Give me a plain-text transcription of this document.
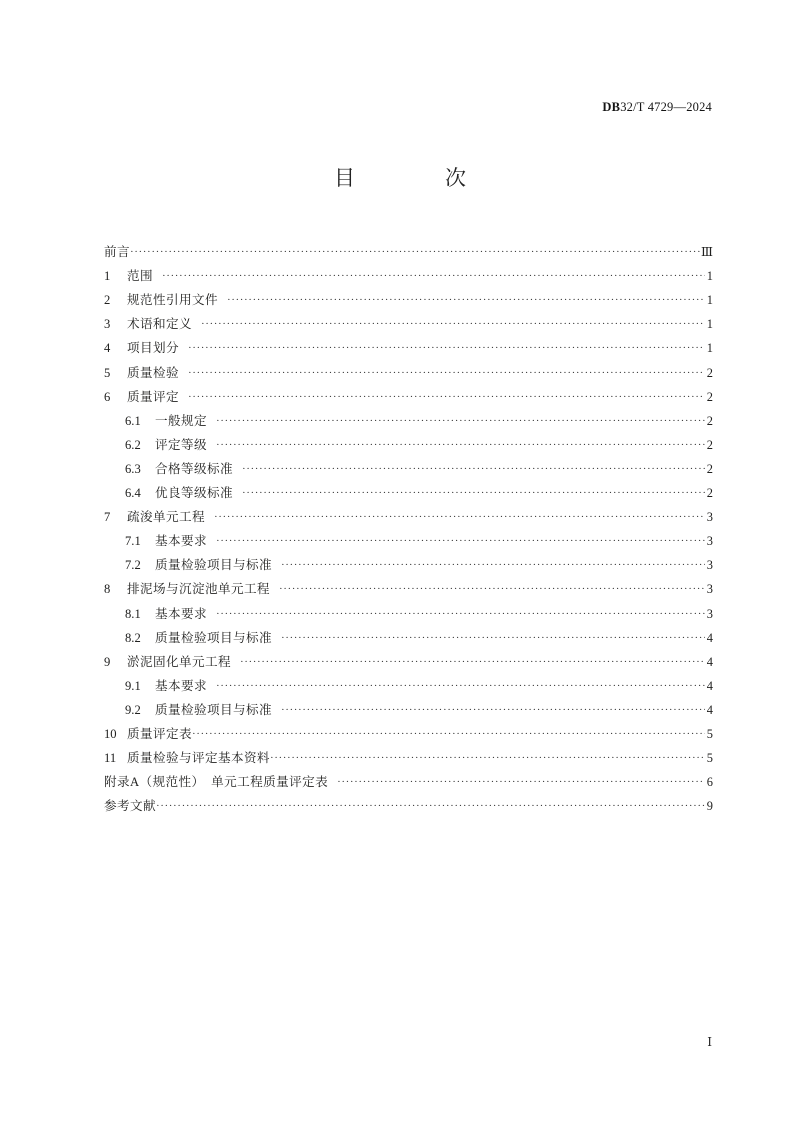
DB32/T 4729—2024
目　　次
前言 ·····	Ⅲ
1	范围 ·····	1
2	规范性引用文件 ·····	1
3	术语和定义 ·····	1
4	项目划分 ·····	1
5	质量检验 ·····	2
6	质量评定 ·····	2
6.1	一般规定 ·····	2
6.2	评定等级 ·····	2
6.3	合格等级标准 ·····	2
6.4	优良等级标准 ·····	2
7	疏浚单元工程 ·····	3
7.1	基本要求 ·····	3
7.2	质量检验项目与标准 ·····	3
8	排泥场与沉淀池单元工程 ·····	3
8.1	基本要求 ·····	3
8.2	质量检验项目与标准 ·····	4
9	淤泥固化单元工程 ·····	4
9.1	基本要求 ·····	4
9.2	质量检验项目与标准 ·····	4
10 质量评定表 ·····	5
11 质量检验与评定基本资料 ·····	5
附录A（规范性）　单元工程质量评定表 ·····	6
参考文献 ·····	9
Ⅰ
